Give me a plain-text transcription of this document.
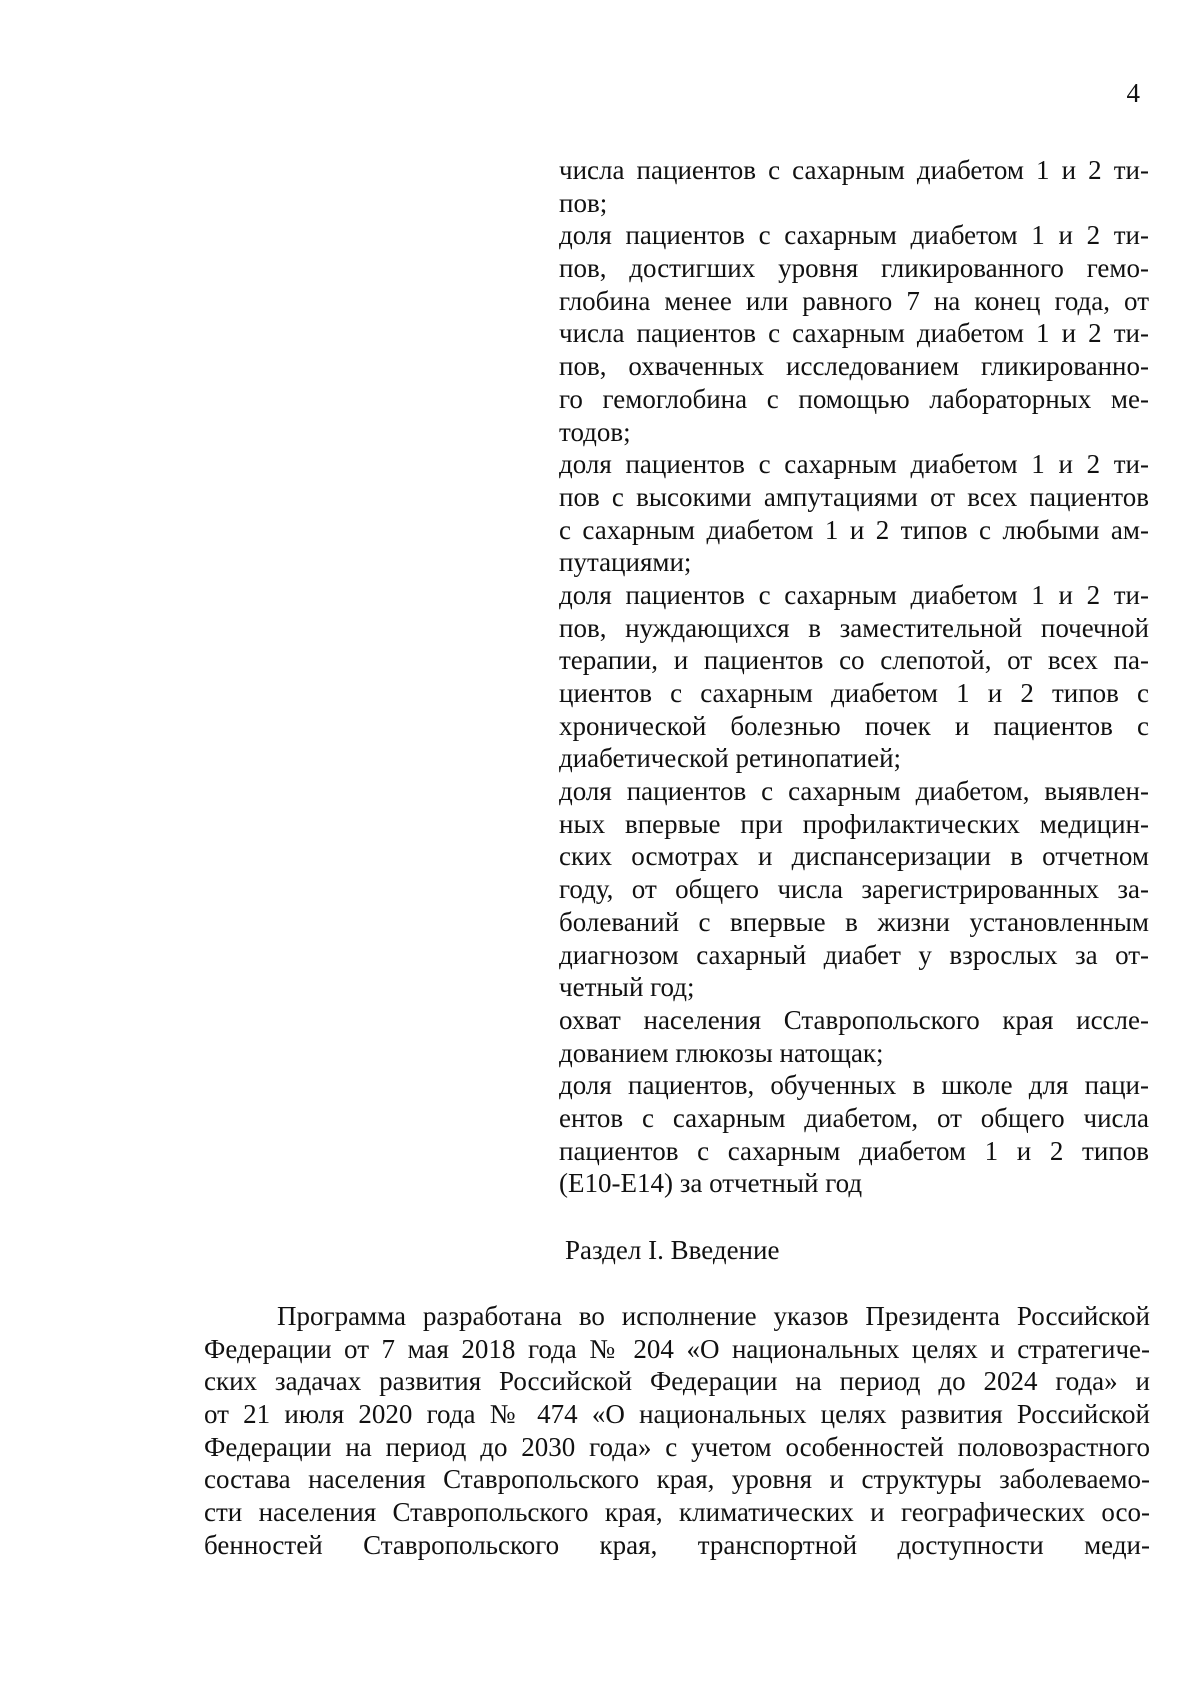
4
числа пациентов с сахарным диабетом 1 и 2 ти-
пов;
доля пациентов с сахарным диабетом 1 и 2 ти-
пов, достигших уровня гликированного гемо-
глобина менее или равного 7 на конец года, от
числа пациентов с сахарным диабетом 1 и 2 ти-
пов, охваченных исследованием гликированно-
го гемоглобина с помощью лабораторных ме-
тодов;
доля пациентов с сахарным диабетом 1 и 2 ти-
пов с высокими ампутациями от всех пациентов
с сахарным диабетом 1 и 2 типов с любыми ам-
путациями;
доля пациентов с сахарным диабетом 1 и 2 ти-
пов, нуждающихся в заместительной почечной
терапии, и пациентов со слепотой, от всех па-
циентов с сахарным диабетом 1 и 2 типов с
хронической болезнью почек и пациентов с
диабетической ретинопатией;
доля пациентов с сахарным диабетом, выявлен-
ных впервые при профилактических медицин-
ских осмотрах и диспансеризации в отчетном
году, от общего числа зарегистрированных за-
болеваний с впервые в жизни установленным
диагнозом сахарный диабет у взрослых за от-
четный год;
охват населения Ставропольского края иссле-
дованием глюкозы натощак;
доля пациентов, обученных в школе для паци-
ентов с сахарным диабетом, от общего числа
пациентов с сахарным диабетом 1 и 2 типов
(Е10-Е14) за отчетный год
Раздел I. Введение
Программа разработана во исполнение указов Президента Российской
Федерации от 7 мая 2018 года № 204 «О национальных целях и стратегиче-
ских задачах развития Российской Федерации на период до 2024 года» и
от 21 июля 2020 года № 474 «О национальных целях развития Российской
Федерации на период до 2030 года» с учетом особенностей половозрастного
состава населения Ставропольского края, уровня и структуры заболеваемо-
сти населения Ставропольского края, климатических и географических осо-
бенностей Ставропольского края, транспортной доступности меди-
